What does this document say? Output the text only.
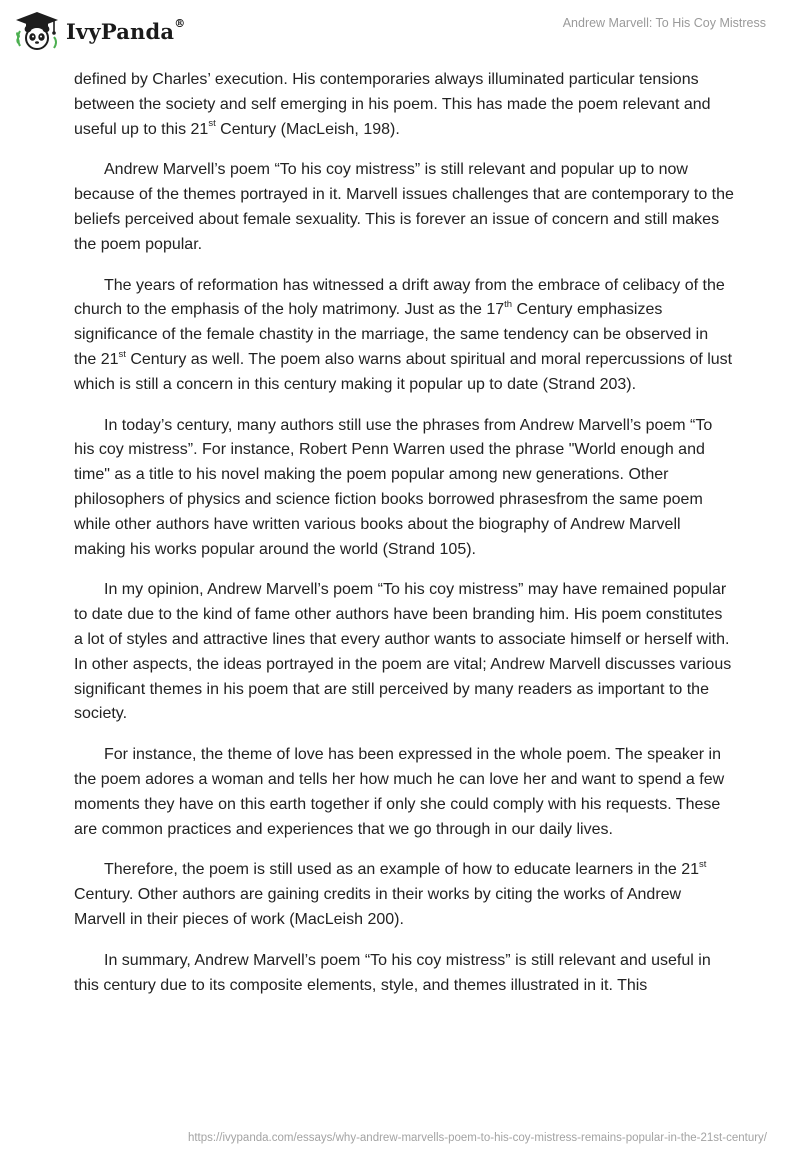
IvyPanda®	Andrew Marvell: To His Coy Mistress

defined by Charles’ execution. His contemporaries always illuminated particular tensions between the society and self emerging in his poem. This has made the poem relevant and useful up to this 21st Century (MacLeish, 198).

Andrew Marvell’s poem “To his coy mistress” is still relevant and popular up to now because of the themes portrayed in it. Marvell issues challenges that are contemporary to the beliefs perceived about female sexuality. This is forever an issue of concern and still makes the poem popular.

The years of reformation has witnessed a drift away from the embrace of celibacy of the church to the emphasis of the holy matrimony. Just as the 17th Century emphasizes significance of the female chastity in the marriage, the same tendency can be observed in the 21st Century as well. The poem also warns about spiritual and moral repercussions of lust which is still a concern in this century making it popular up to date (Strand 203).

In today’s century, many authors still use the phrases from Andrew Marvell’s poem “To his coy mistress”. For instance, Robert Penn Warren used the phrase "World enough and time" as a title to his novel making the poem popular among new generations. Other philosophers of physics and science fiction books borrowed phrasesfrom the same poem while other authors have written various books about the biography of Andrew Marvell making his works popular around the world (Strand 105).

In my opinion, Andrew Marvell’s poem “To his coy mistress” may have remained popular to date due to the kind of fame other authors have been branding him. His poem constitutes a lot of styles and attractive lines that every author wants to associate himself or herself with. In other aspects, the ideas portrayed in the poem are vital; Andrew Marvell discusses various significant themes in his poem that are still perceived by many readers as important to the society.

For instance, the theme of love has been expressed in the whole poem. The speaker in the poem adores a woman and tells her how much he can love her and want to spend a few moments they have on this earth together if only she could comply with his requests. These are common practices and experiences that we go through in our daily lives.

Therefore, the poem is still used as an example of how to educate learners in the 21st Century. Other authors are gaining credits in their works by citing the works of Andrew Marvell in their pieces of work (MacLeish 200).

In summary, Andrew Marvell’s poem “To his coy mistress” is still relevant and useful in this century due to its composite elements, style, and themes illustrated in it. This

https://ivypanda.com/essays/why-andrew-marvells-poem-to-his-coy-mistress-remains-popular-in-the-21st-century/
